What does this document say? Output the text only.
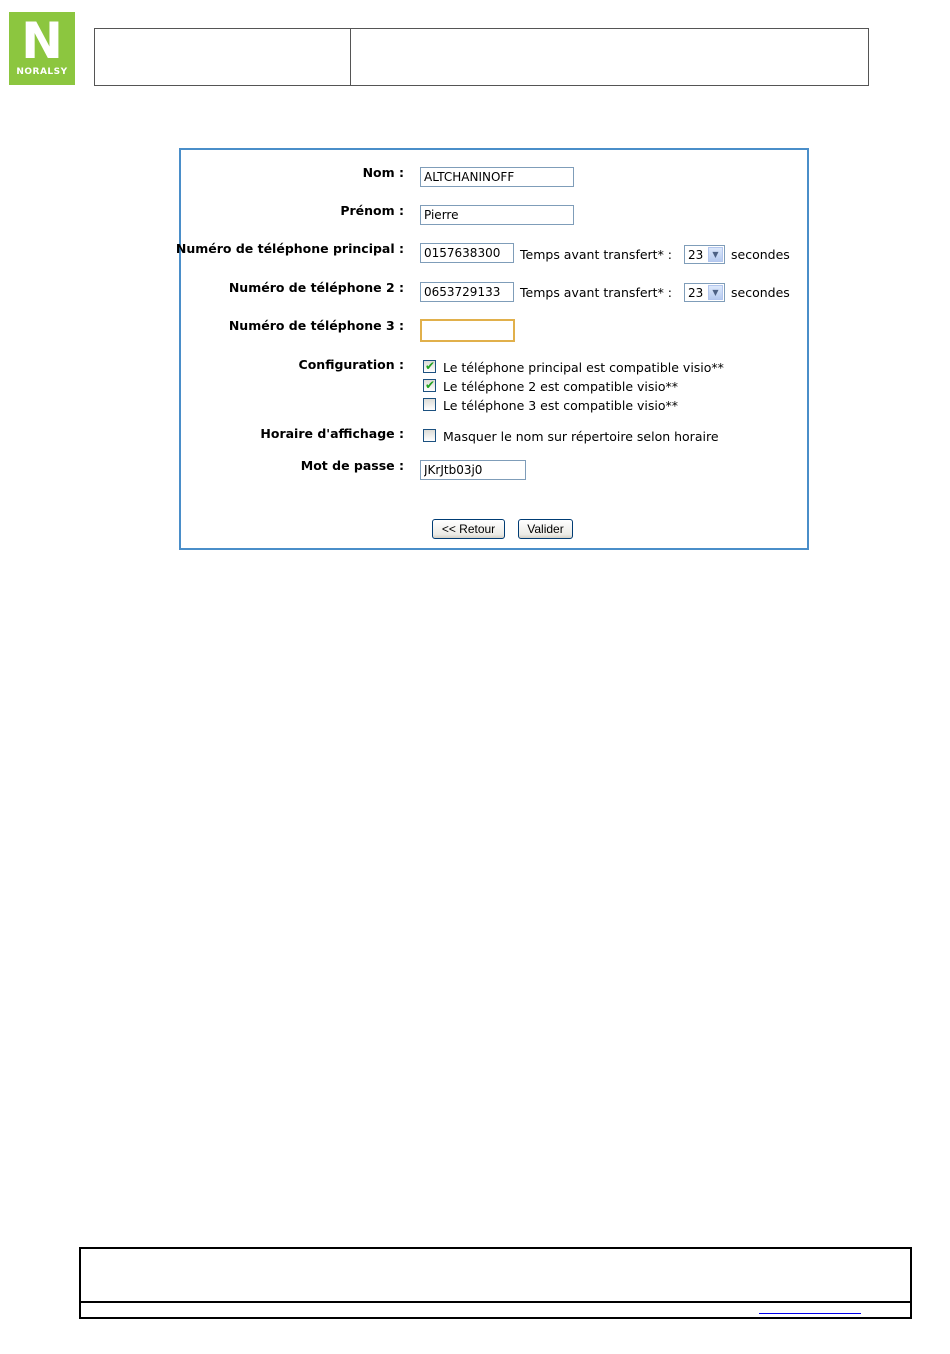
N
NORALSY
Nom :
ALTCHANINOFF
Prénom :
Pierre
Numéro de téléphone principal :
0157638300	Temps avant transfert* : 23	▼ secondes
Numéro de téléphone 2 :
0653729133	Temps avant transfert* : 23	▼ secondes
Numéro de téléphone 3 :
Configuration : ✔ Le téléphone principal est compatible visio**
✔ Le téléphone 2 est compatible visio**
Le téléphone 3 est compatible visio**
Horaire d'affichage :	Masquer le nom sur répertoire selon horaire
Mot de passe :
JKrJtb03j0
<< Retour	Valider
